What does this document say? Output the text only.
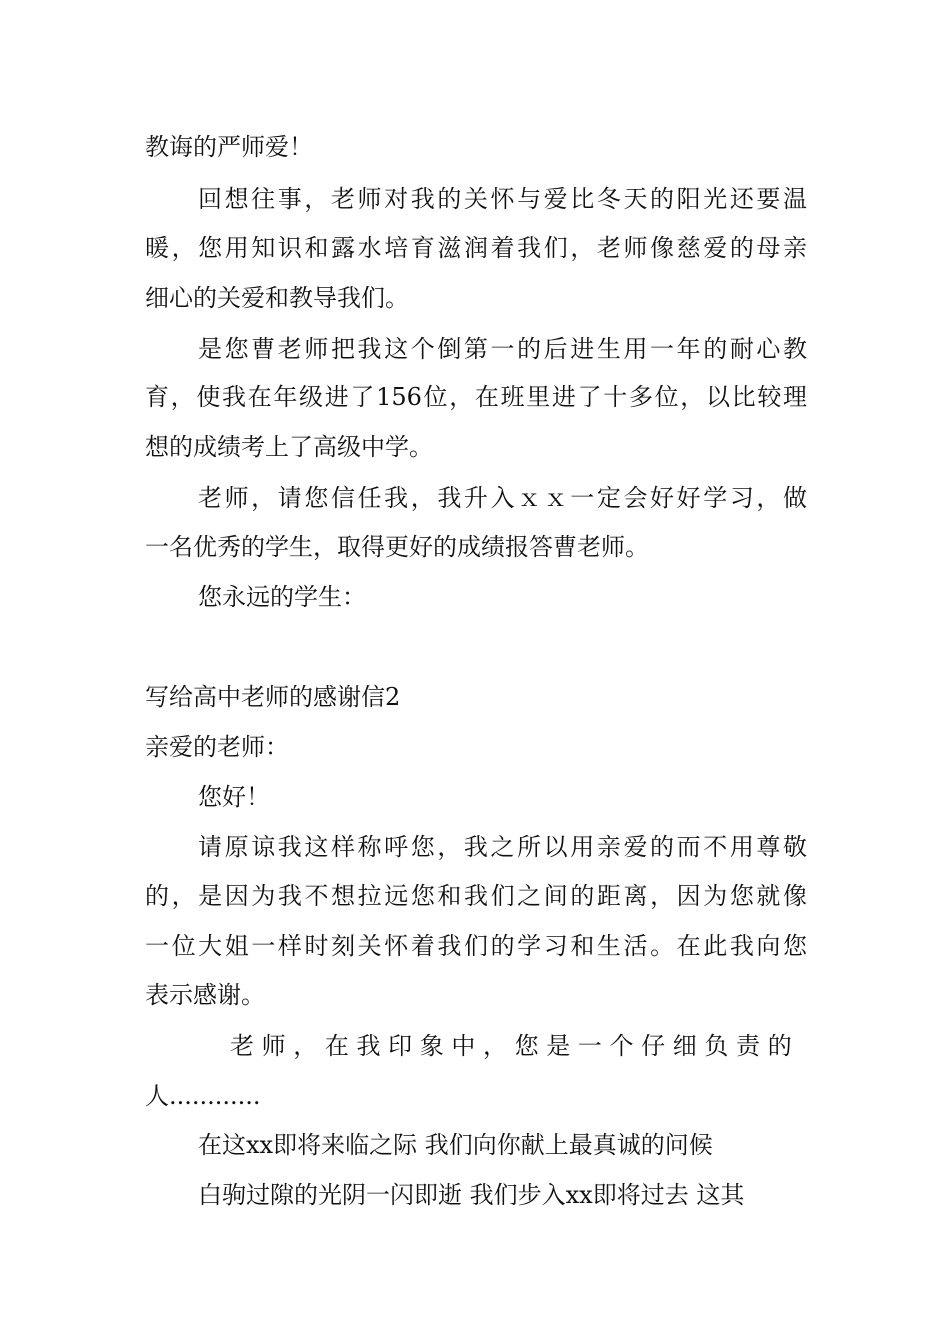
教诲的严师爱！
回想往事，老师对我的关怀与爱比冬天的阳光还要温
暖，您用知识和露水培育滋润着我们，老师像慈爱的母亲
细心的关爱和教导我们。
是您曹老师把我这个倒第一的后进生用一年的耐心教
育，使我在年级进了156位，在班里进了十多位，以比较理
想的成绩考上了高级中学。
老师，请您信任我，我升入ｘｘ一定会好好学习，做
一名优秀的学生，取得更好的成绩报答曹老师。
您永远的学生：
写给高中老师的感谢信2
亲爱的老师：
您好！
请原谅我这样称呼您，我之所以用亲爱的而不用尊敬
的，是因为我不想拉远您和我们之间的距离，因为您就像
一位大姐一样时刻关怀着我们的学习和生活。在此我向您
表示感谢。
老 师 ， 在 我 印 象 中 ， 您 是 一 个 仔 细 负 责 的
人............
在这xx即将来临之际 我们向你献上最真诚的问候
白驹过隙的光阴一闪即逝 我们步入xx即将过去 这其
